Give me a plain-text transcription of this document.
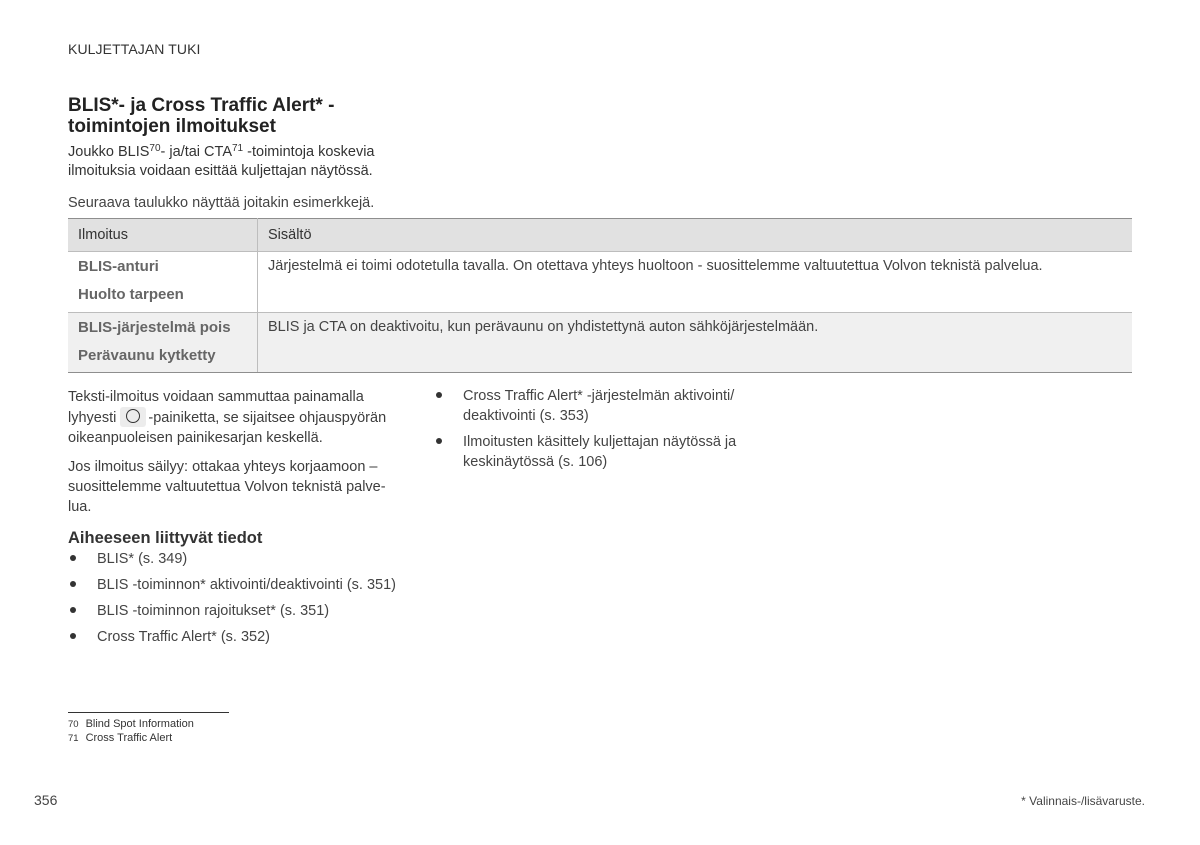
KULJETTAJAN TUKI
BLIS*- ja Cross Traffic Alert* -
toimintojen ilmoitukset
Joukko BLIS$^{70}$- ja/tai CTA$^{71}$ -toimintoja koskevia ilmoituksia voidaan esittää kuljettajan näytössä.
Seuraava taulukko näyttää joitakin esimerkkejä.
Ilmoitus	Sisältö

BLIS-anturi
Huolto tarpeen	Järjestelmä ei toimi odotetulla tavalla. On otettava yhteys huoltoon - suosittelemme valtuutettua Volvon teknistä palvelua.

BLIS-järjestelmä pois
Perävaunu kytketty	BLIS ja CTA on deaktivoitu, kun perävaunu on yhdistettynä auton sähköjärjestelmään.
Teksti-ilmoitus voidaan sammuttaa painamalla lyhyesti -painiketta, se sijaitsee ohjauspyörän oikeanpuoleisen painikesarjan keskellä.
Jos ilmoitus säilyy: ottakaa yhteys korjaamoon – suosittelemme valtuutettua Volvon teknistä palve-lua.
Aiheeseen liittyvät tiedot
BLIS* (s. 349)
BLIS -toiminnon* aktivointi/deaktivointi (s. 351)
BLIS -toiminnon rajoitukset* (s. 351)
Cross Traffic Alert* (s. 352)
Cross Traffic Alert* -järjestelmän aktivointi/ deaktivointi (s. 353)
Ilmoitusten käsittely kuljettajan näytössä ja keskinäytössä (s. 106)
70 Blind Spot Information
71 Cross Traffic Alert
356	* Valinnais-/lisävaruste.
